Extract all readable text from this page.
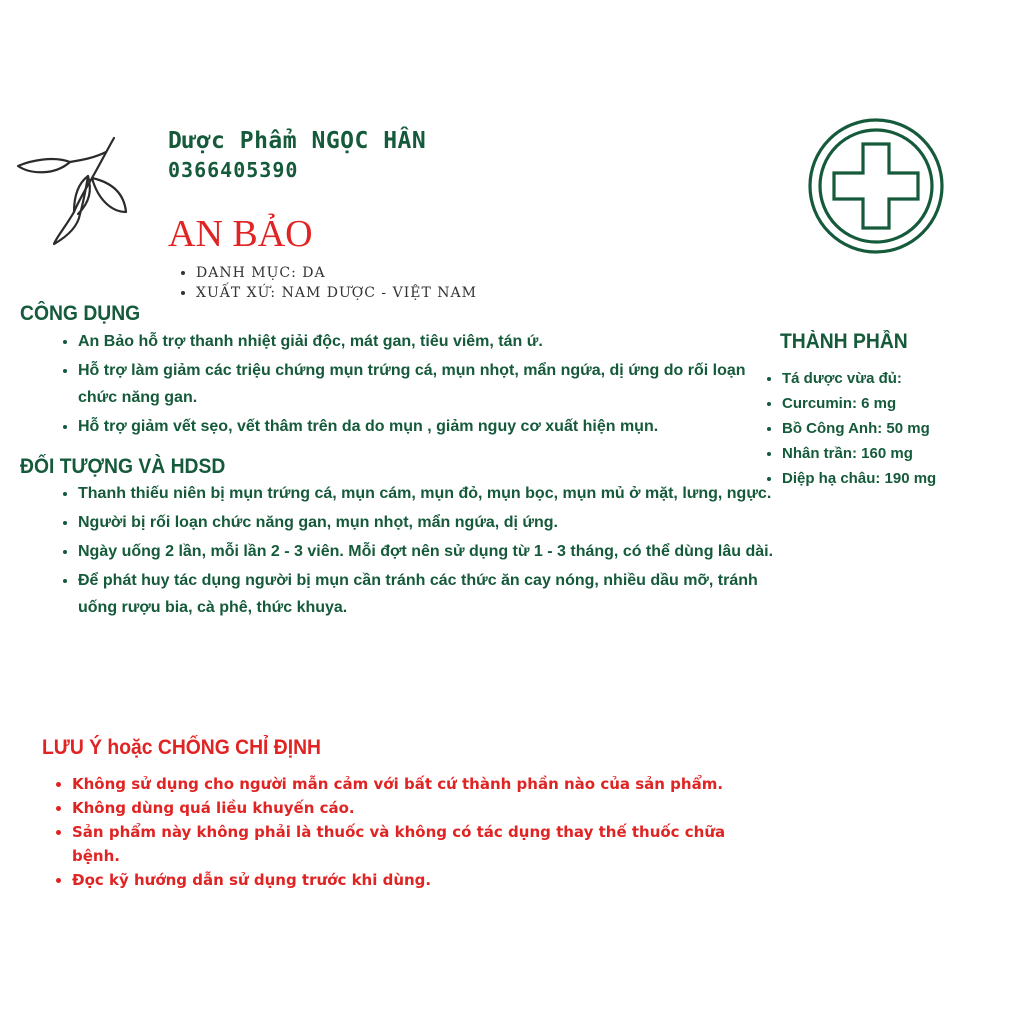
Dược Phẩm NGỌC HÂN
0366405390
AN BẢO
• DANH MỤC: DA
• XUẤT XỨ: NAM DƯỢC - VIỆT NAM
CÔNG DỤNG
• An Bảo hỗ trợ thanh nhiệt giải độc, mát gan, tiêu viêm, tán ứ.
• Hỗ trợ làm giảm các triệu chứng mụn trứng cá, mụn nhọt, mẩn ngứa, dị ứng do rối loạn chức năng gan.
• Hỗ trợ giảm vết sẹo, vết thâm trên da do mụn , giảm nguy cơ xuất hiện mụn.
ĐỐI TƯỢNG VÀ HDSD
• Thanh thiếu niên bị mụn trứng cá, mụn cám, mụn đỏ, mụn bọc, mụn mủ ở mặt, lưng, ngực.
• Người bị rối loạn chức năng gan, mụn nhọt, mẩn ngứa, dị ứng.
• Ngày uống 2 lần, mỗi lần 2 - 3 viên. Mỗi đợt nên sử dụng từ 1 - 3 tháng, có thể dùng lâu dài.
• Để phát huy tác dụng người bị mụn cần tránh các thức ăn cay nóng, nhiều dầu mỡ, tránh uống rượu bia, cà phê, thức khuya.
THÀNH PHẦN
• Tá dược vừa đủ:
• Curcumin: 6 mg
• Bồ Công Anh: 50 mg
• Nhân trần: 160 mg
• Diệp hạ châu: 190 mg
LƯU Ý hoặc CHỐNG CHỈ ĐỊNH
• Không sử dụng cho người mẫn cảm với bất cứ thành phần nào của sản phẩm.
• Không dùng quá liều khuyến cáo.
• Sản phẩm này không phải là thuốc và không có tác dụng thay thế thuốc chữa bệnh.
• Đọc kỹ hướng dẫn sử dụng trước khi dùng.
